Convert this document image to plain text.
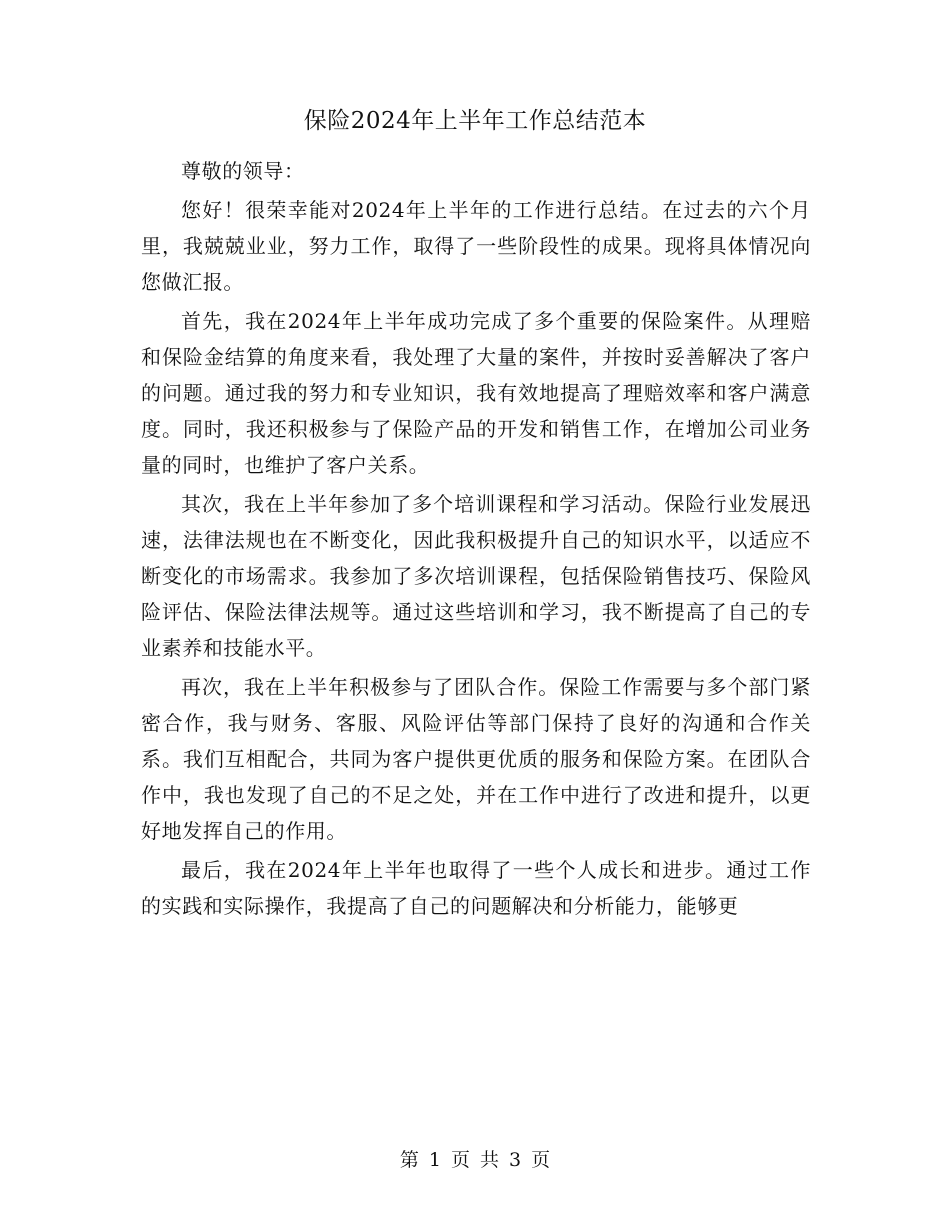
保险2024年上半年工作总结范本

尊敬的领导：

您好！很荣幸能对2024年上半年的工作进行总结。在过去的六个月里，我兢兢业业，努力工作，取得了一些阶段性的成果。现将具体情况向您做汇报。

首先，我在2024年上半年成功完成了多个重要的保险案件。从理赔和保险金结算的角度来看，我处理了大量的案件，并按时妥善解决了客户的问题。通过我的努力和专业知识，我有效地提高了理赔效率和客户满意度。同时，我还积极参与了保险产品的开发和销售工作，在增加公司业务量的同时，也维护了客户关系。

其次，我在上半年参加了多个培训课程和学习活动。保险行业发展迅速，法律法规也在不断变化，因此我积极提升自己的知识水平，以适应不断变化的市场需求。我参加了多次培训课程，包括保险销售技巧、保险风险评估、保险法律法规等。通过这些培训和学习，我不断提高了自己的专业素养和技能水平。

再次，我在上半年积极参与了团队合作。保险工作需要与多个部门紧密合作，我与财务、客服、风险评估等部门保持了良好的沟通和合作关系。我们互相配合，共同为客户提供更优质的服务和保险方案。在团队合作中，我也发现了自己的不足之处，并在工作中进行了改进和提升，以更好地发挥自己的作用。

最后，我在2024年上半年也取得了一些个人成长和进步。通过工作的实践和实际操作，我提高了自己的问题解决和分析能力，能够更

第 1 页 共 3 页
